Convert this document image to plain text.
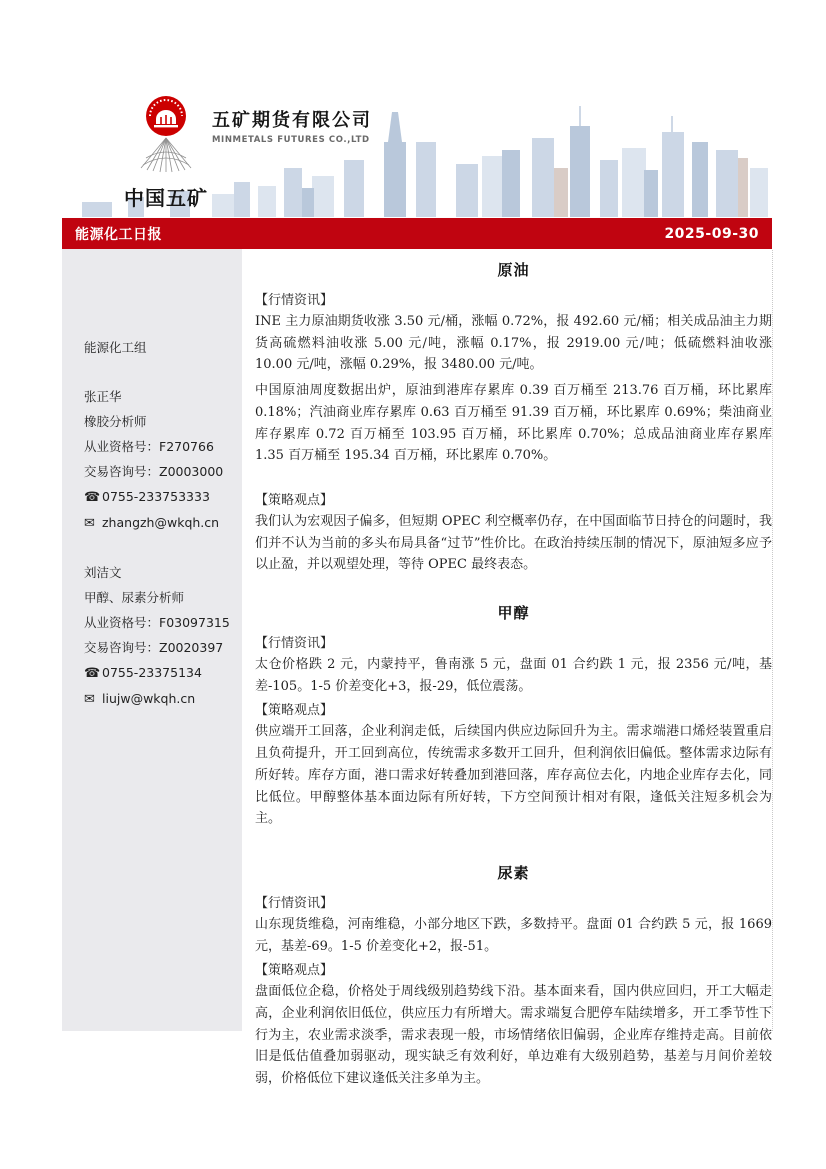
中国五矿
五矿期货有限公司
MINMETALS FUTURES CO.,LTD
能源化工日报	2025-09-30
能源化工组
张正华
橡胶分析师
从业资格号：F270766
交易咨询号：Z0003000
☎ 0755-233753333
✉ zhangzh@wkqh.cn
刘洁文
甲醇、尿素分析师
从业资格号：F03097315
交易咨询号：Z0020397
☎ 0755-23375134
✉ liujw@wkqh.cn
原油
【行情资讯】

INE 主力原油期货收涨 3.50 元/桶，涨幅 0.72%，报 492.60 元/桶；相关成品油主力期货高硫燃料油收涨 5.00 元/吨，涨幅 0.17%，报 2919.00 元/吨；低硫燃料油收涨 10.00 元/吨，涨幅 0.29%，报 3480.00 元/吨。

中国原油周度数据出炉，原油到港库存累库 0.39 百万桶至 213.76 百万桶，环比累库 0.18%；汽油商业库存累库 0.63 百万桶至 91.39 百万桶，环比累库 0.69%；柴油商业库存累库 0.72 百万桶至 103.95 百万桶，环比累库 0.70%；总成品油商业库存累库 1.35 百万桶至 195.34 百万桶，环比累库 0.70%。

【策略观点】

我们认为宏观因子偏多，但短期 OPEC 利空概率仍存，在中国面临节日持仓的问题时，我们并不认为当前的多头布局具备“过节”性价比。在政治持续压制的情况下，原油短多应予以止盈，并以观望处理，等待 OPEC 最终表态。

甲醇
【行情资讯】

太仓价格跌 2 元，内蒙持平，鲁南涨 5 元，盘面 01 合约跌 1 元，报 2356 元/吨，基差-105。1-5 价差变化+3，报-29，低位震荡。

【策略观点】

供应端开工回落，企业利润走低，后续国内供应边际回升为主。需求端港口烯烃装置重启且负荷提升，开工回到高位，传统需求多数开工回升，但利润依旧偏低。整体需求边际有所好转。库存方面，港口需求好转叠加到港回落，库存高位去化，内地企业库存去化，同比低位。甲醇整体基本面边际有所好转，下方空间预计相对有限，逢低关注短多机会为主。

尿素
【行情资讯】

山东现货维稳，河南维稳，小部分地区下跌，多数持平。盘面 01 合约跌 5 元，报 1669 元，基差-69。1-5 价差变化+2，报-51。

【策略观点】

盘面低位企稳，价格处于周线级别趋势线下沿。基本面来看，国内供应回归，开工大幅走高，企业利润依旧低位，供应压力有所增大。需求端复合肥停车陆续增多，开工季节性下行为主，农业需求淡季，需求表现一般，市场情绪依旧偏弱，企业库存维持走高。目前依旧是低估值叠加弱驱动，现实缺乏有效利好，单边难有大级别趋势，基差与月间价差较弱，价格低位下建议逢低关注多单为主。
